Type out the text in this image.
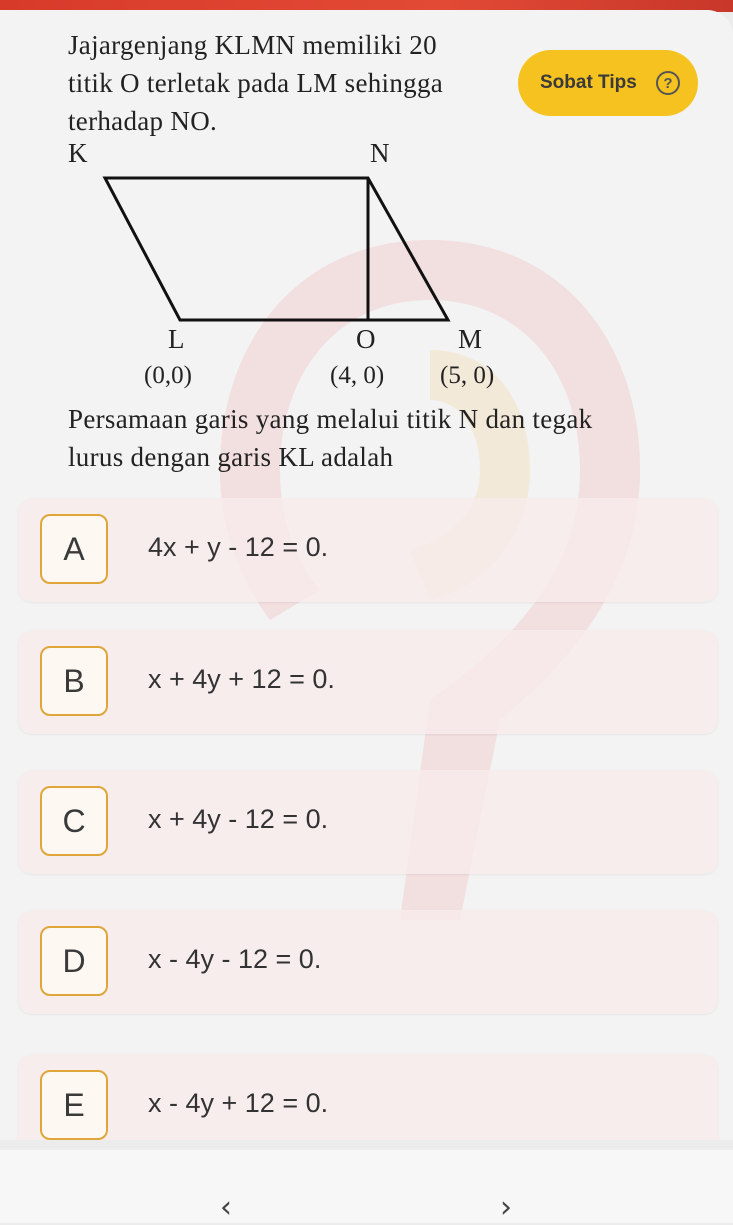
Jajargenjang KLMN memiliki 20
titik O terletak pada LM sehingga
terhadap NO.
Sobat Tips	?
K	N
L	O	M
(0,0)	(4, 0) (5, 0)
Persamaan garis yang melalui titik N dan tegak
lurus dengan garis KL adalah
A	4x + y - 12 = 0.
B	x + 4y + 12 = 0.
C	x + 4y - 12 = 0.
D	x - 4y - 12 = 0.
E	x - 4y + 12 = 0.
‹	›
